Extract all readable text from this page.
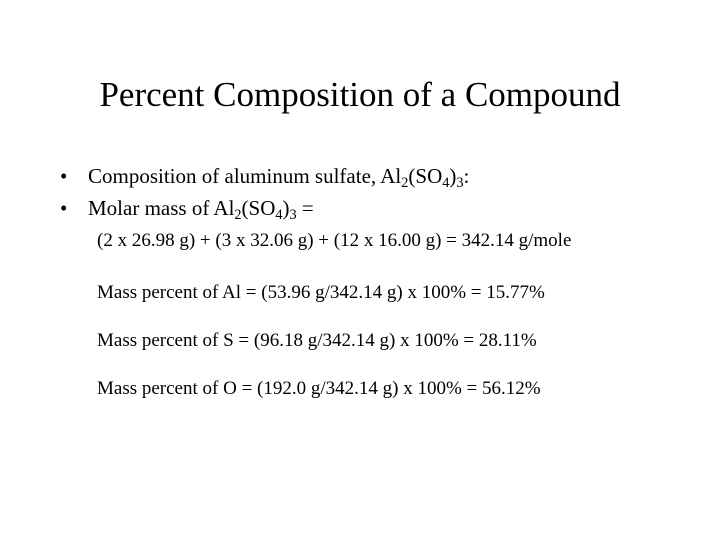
Percent Composition of a Compound
• Composition of aluminum sulfate, $Al_2(SO_4)_3$:
• Molar mass of $Al_2(SO_4)_3$ =
(2 x 26.98 g) + (3 x 32.06 g) + (12 x 16.00 g) = 342.14 g/mole
Mass percent of Al = (53.96 g/342.14 g) x 100% = 15.77%
Mass percent of S = (96.18 g/342.14 g) x 100% = 28.11%
Mass percent of O = (192.0 g/342.14 g) x 100% = 56.12%
